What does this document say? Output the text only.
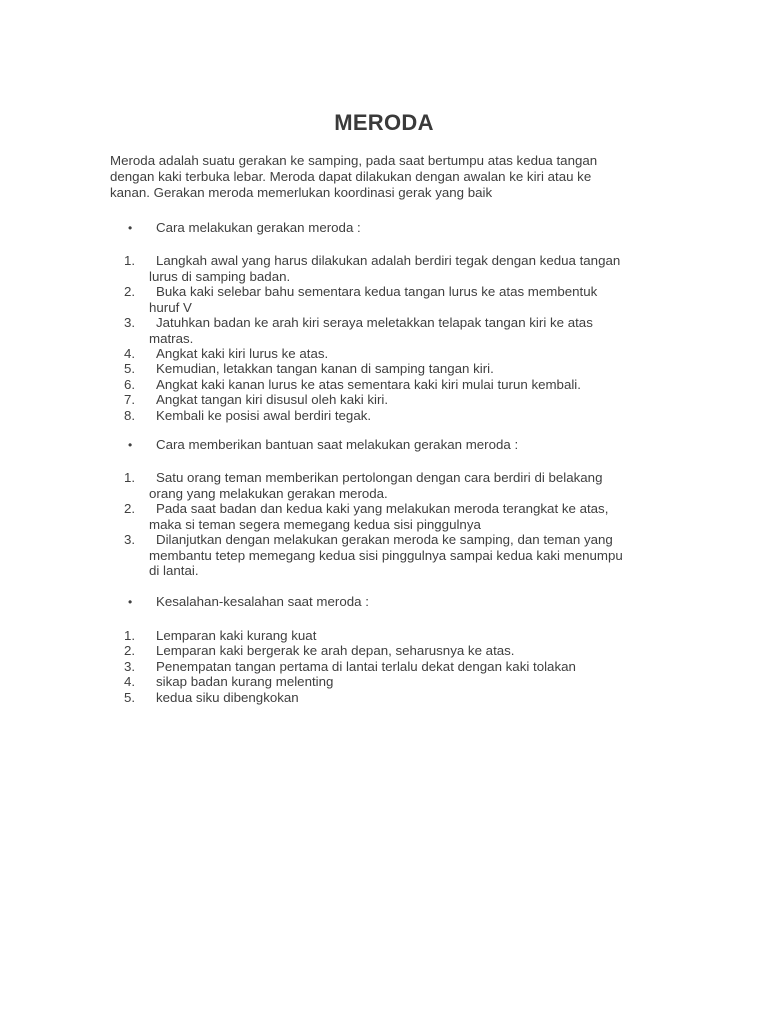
MERODA
Meroda adalah suatu gerakan ke samping, pada saat bertumpu atas kedua tangan
dengan kaki terbuka lebar. Meroda dapat dilakukan dengan awalan ke kiri atau ke
kanan. Gerakan meroda memerlukan koordinasi gerak yang baik
• Cara melakukan gerakan meroda :
1.	Langkah awal yang harus dilakukan adalah berdiri tegak dengan kedua tangan
lurus di samping badan.
2.	Buka kaki selebar bahu sementara kedua tangan lurus ke atas membentuk
huruf V
3.	Jatuhkan badan ke arah kiri seraya meletakkan telapak tangan kiri ke atas
matras.
4.	Angkat kaki kiri lurus ke atas.
5.	Kemudian, letakkan tangan kanan di samping tangan kiri.
6.	Angkat kaki kanan lurus ke atas sementara kaki kiri mulai turun kembali.
7.	Angkat tangan kiri disusul oleh kaki kiri.
8.	Kembali ke posisi awal berdiri tegak.
• Cara memberikan bantuan saat melakukan gerakan meroda :
1.	Satu orang teman memberikan pertolongan dengan cara berdiri di belakang
orang yang melakukan gerakan meroda.
2.	Pada saat badan dan kedua kaki yang melakukan meroda terangkat ke atas,
maka si teman segera memegang kedua sisi pinggulnya
3.	Dilanjutkan dengan melakukan gerakan meroda ke samping, dan teman yang
membantu tetep memegang kedua sisi pinggulnya sampai kedua kaki menumpu
di lantai.
• Kesalahan-kesalahan saat meroda :
1.	Lemparan kaki kurang kuat
2.	Lemparan kaki bergerak ke arah depan, seharusnya ke atas.
3.	Penempatan tangan pertama di lantai terlalu dekat dengan kaki tolakan
4.	sikap badan kurang melenting
5.	kedua siku dibengkokan
